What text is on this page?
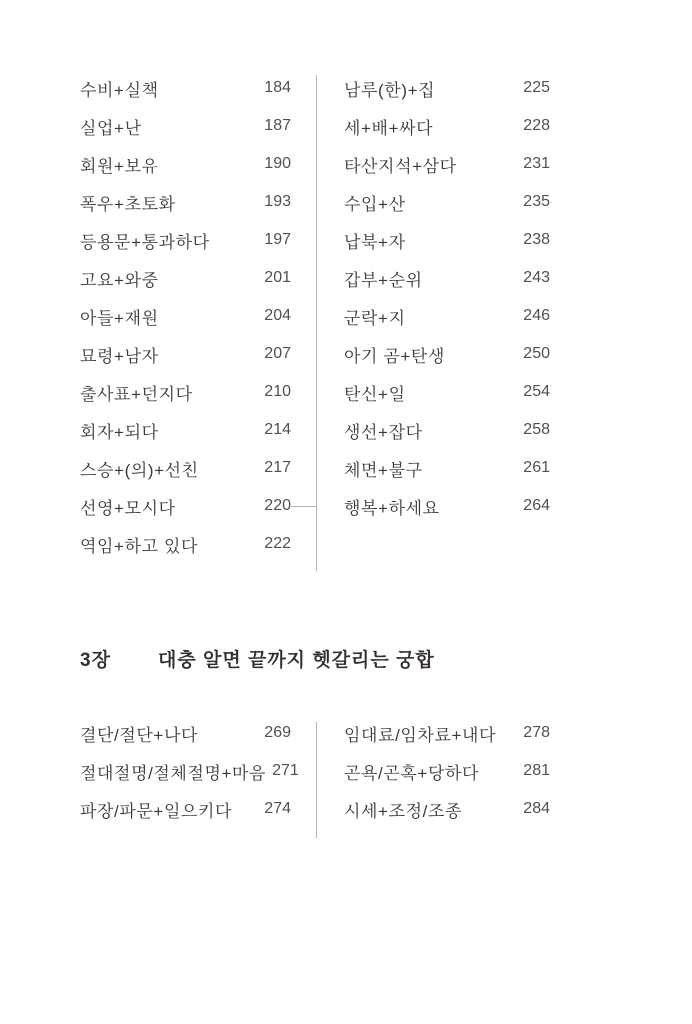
수비+실책	184
실업+난	187
회원+보유	190
폭우+초토화	193
등용문+통과하다	197
고요+와중	201
아들+재원	204
묘령+남자	207
출사표+던지다	210
회자+되다	214
스승+(의)+선친	217
선영+모시다	220
역임+하고 있다	222
남루(한)+집	225
세+배+싸다	228
타산지석+삼다	231
수입+산	235
납북+자	238
갑부+순위	243
군락+지	246
아기 곰+탄생	250
탄신+일	254
생선+잡다	258
체면+불구	261
행복+하세요	264
3장	대충 알면 끝까지 헷갈리는 궁합
결단/절단+나다	269
절대절명/절체절명+마음 271
파장/파문+일으키다 274
임대료/임차료+내다 278
곤욕/곤혹+당하다	281
시세+조정/조종	284
